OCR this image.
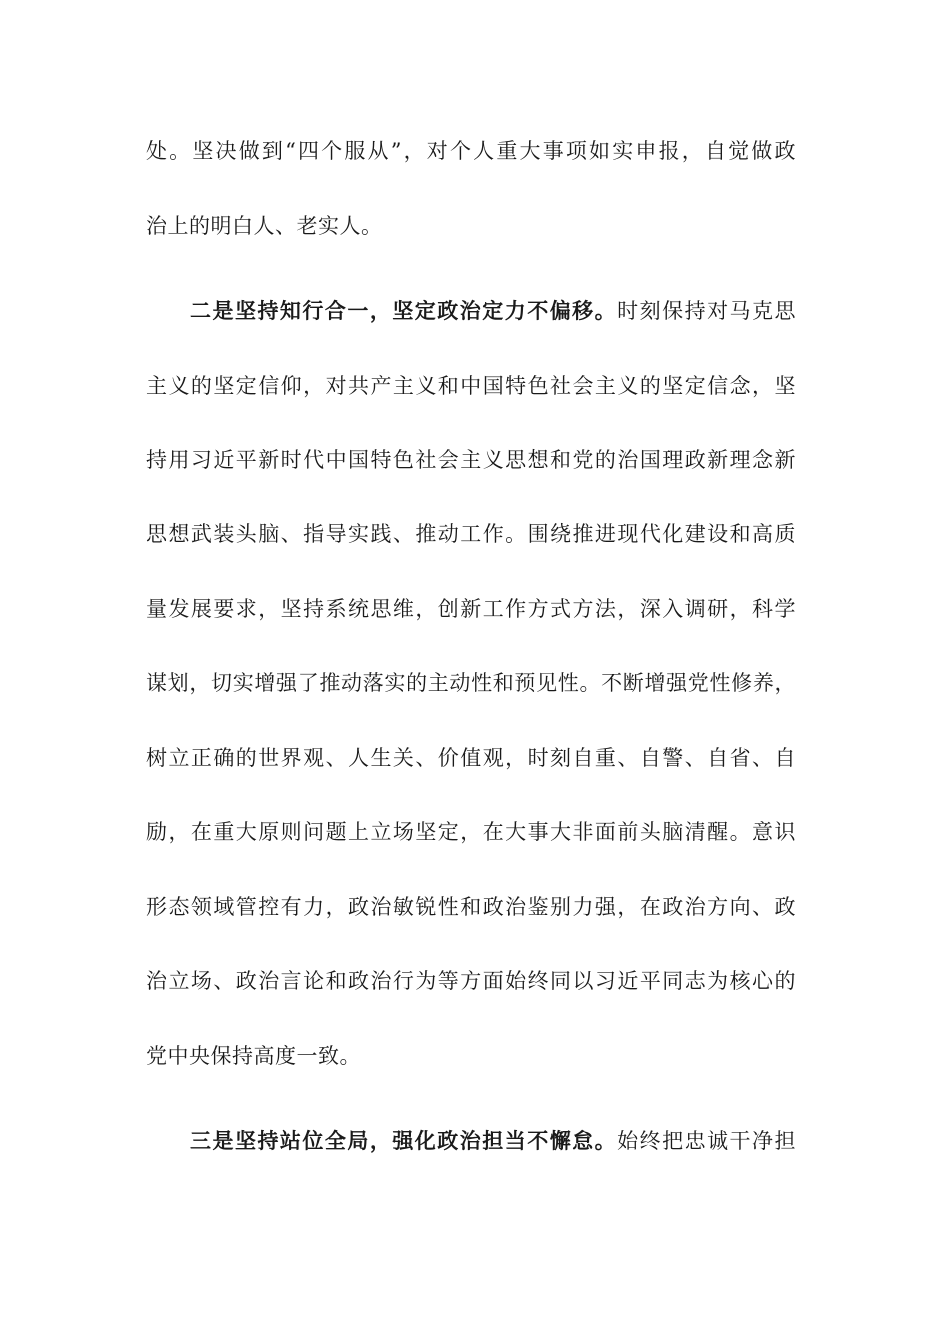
处。坚决做到“四个服从”，对个人重大事项如实申报，自觉做政
治上的明白人、老实人。
二是坚持知行合一，坚定政治定力不偏移。时刻保持对马克思
主义的坚定信仰，对共产主义和中国特色社会主义的坚定信念，坚
持用习近平新时代中国特色社会主义思想和党的治国理政新理念新
思想武装头脑、指导实践、推动工作。围绕推进现代化建设和高质
量发展要求，坚持系统思维，创新工作方式方法，深入调研，科学
谋划，切实增强了推动落实的主动性和预见性。不断增强党性修养，
树立正确的世界观、人生关、价值观，时刻自重、自警、自省、自
励，在重大原则问题上立场坚定，在大事大非面前头脑清醒。意识
形态领域管控有力，政治敏锐性和政治鉴别力强，在政治方向、政
治立场、政治言论和政治行为等方面始终同以习近平同志为核心的
党中央保持高度一致。
三是坚持站位全局，强化政治担当不懈怠。始终把忠诚干净担
